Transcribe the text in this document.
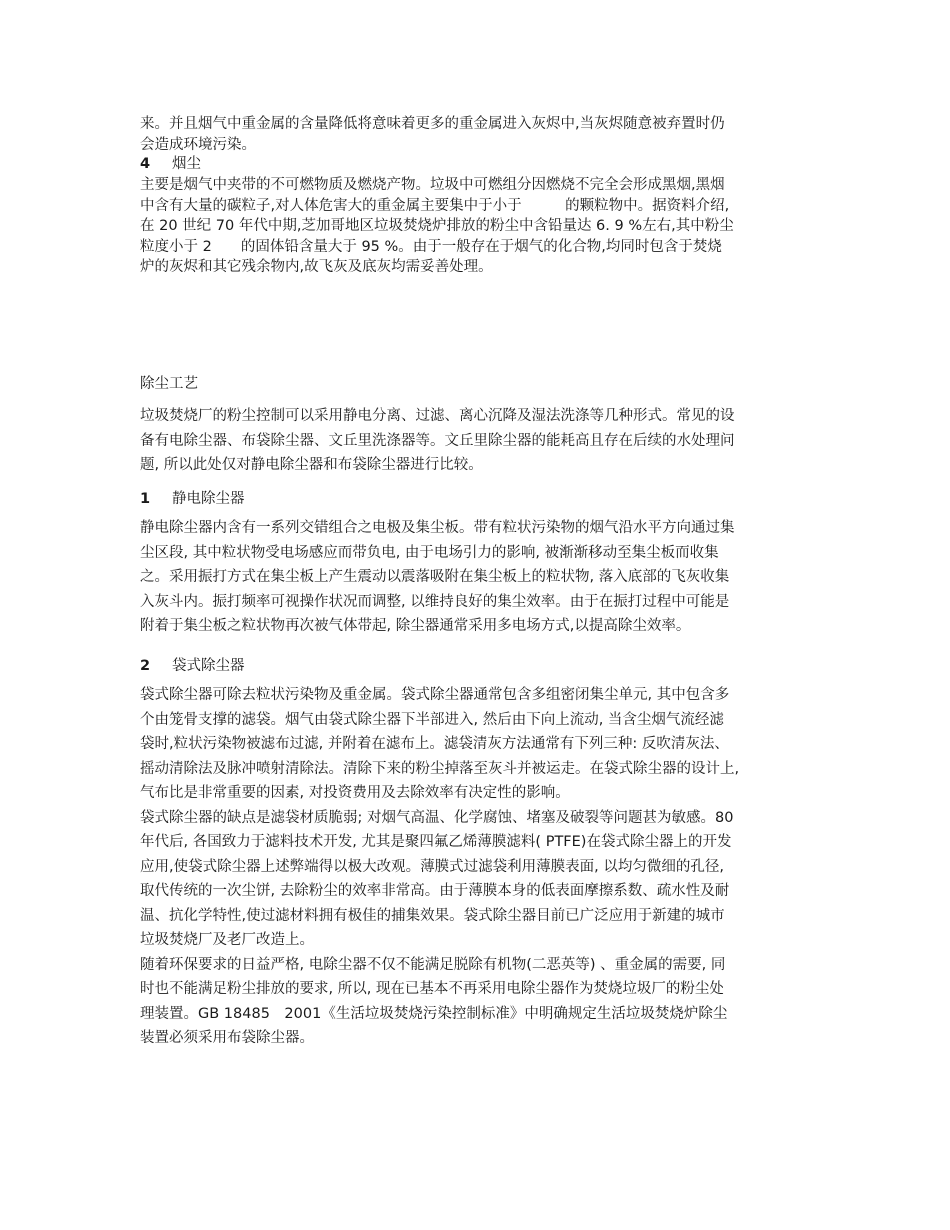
来。并且烟气中重金属的含量降低将意味着更多的重金属进入灰烬中,当灰烬随意被弃置时仍
会造成环境污染。
4 烟尘
主要是烟气中夹带的不可燃物质及燃烧产物。垃圾中可燃组分因燃烧不完全会形成黑烟,黑烟
中含有大量的碳粒子,对人体危害大的重金属主要集中于小于　　　的颗粒物中。据资料介绍,
在 20 世纪 70 年代中期,芝加哥地区垃圾焚烧炉排放的粉尘中含铅量达 6. 9 %左右,其中粉尘
粒度小于 2　　的固体铅含量大于 95 %。由于一般存在于烟气的化合物,均同时包含于焚烧
炉的灰烬和其它残余物内,故飞灰及底灰均需妥善处理。
除尘工艺
垃圾焚烧厂的粉尘控制可以采用静电分离、过滤、离心沉降及湿法洗涤等几种形式。常见的设
备有电除尘器、布袋除尘器、文丘里洗涤器等。文丘里除尘器的能耗高且存在后续的水处理问
题, 所以此处仅对静电除尘器和布袋除尘器进行比较。
1 静电除尘器
静电除尘器内含有一系列交错组合之电极及集尘板。带有粒状污染物的烟气沿水平方向通过集
尘区段, 其中粒状物受电场感应而带负电, 由于电场引力的影响, 被渐渐移动至集尘板而收集
之。采用振打方式在集尘板上产生震动以震落吸附在集尘板上的粒状物, 落入底部的飞灰收集
入灰斗内。振打频率可视操作状况而调整, 以维持良好的集尘效率。由于在振打过程中可能是
附着于集尘板之粒状物再次被气体带起, 除尘器通常采用多电场方式,以提高除尘效率。
2 袋式除尘器
袋式除尘器可除去粒状污染物及重金属。袋式除尘器通常包含多组密闭集尘单元, 其中包含多
个由笼骨支撑的滤袋。烟气由袋式除尘器下半部进入, 然后由下向上流动, 当含尘烟气流经滤
袋时,粒状污染物被滤布过滤, 并附着在滤布上。滤袋清灰方法通常有下列三种: 反吹清灰法、
摇动清除法及脉冲喷射清除法。清除下来的粉尘掉落至灰斗并被运走。在袋式除尘器的设计上,
气布比是非常重要的因素, 对投资费用及去除效率有决定性的影响。
袋式除尘器的缺点是滤袋材质脆弱; 对烟气高温、化学腐蚀、堵塞及破裂等问题甚为敏感。80
年代后, 各国致力于滤料技术开发, 尤其是聚四氟乙烯薄膜滤料( PTFE)在袋式除尘器上的开发
应用,使袋式除尘器上述弊端得以极大改观。薄膜式过滤袋利用薄膜表面, 以均匀微细的孔径,
取代传统的一次尘饼, 去除粉尘的效率非常高。由于薄膜本身的低表面摩擦系数、疏水性及耐
温、抗化学特性,使过滤材料拥有极佳的捕集效果。袋式除尘器目前已广泛应用于新建的城市
垃圾焚烧厂及老厂改造上。
随着环保要求的日益严格, 电除尘器不仅不能满足脱除有机物(二恶英等) 、重金属的需要, 同
时也不能满足粉尘排放的要求, 所以, 现在已基本不再采用电除尘器作为焚烧垃圾厂的粉尘处
理装置。GB 18485　2001《生活垃圾焚烧污染控制标准》中明确规定生活垃圾焚烧炉除尘
装置必须采用布袋除尘器。
